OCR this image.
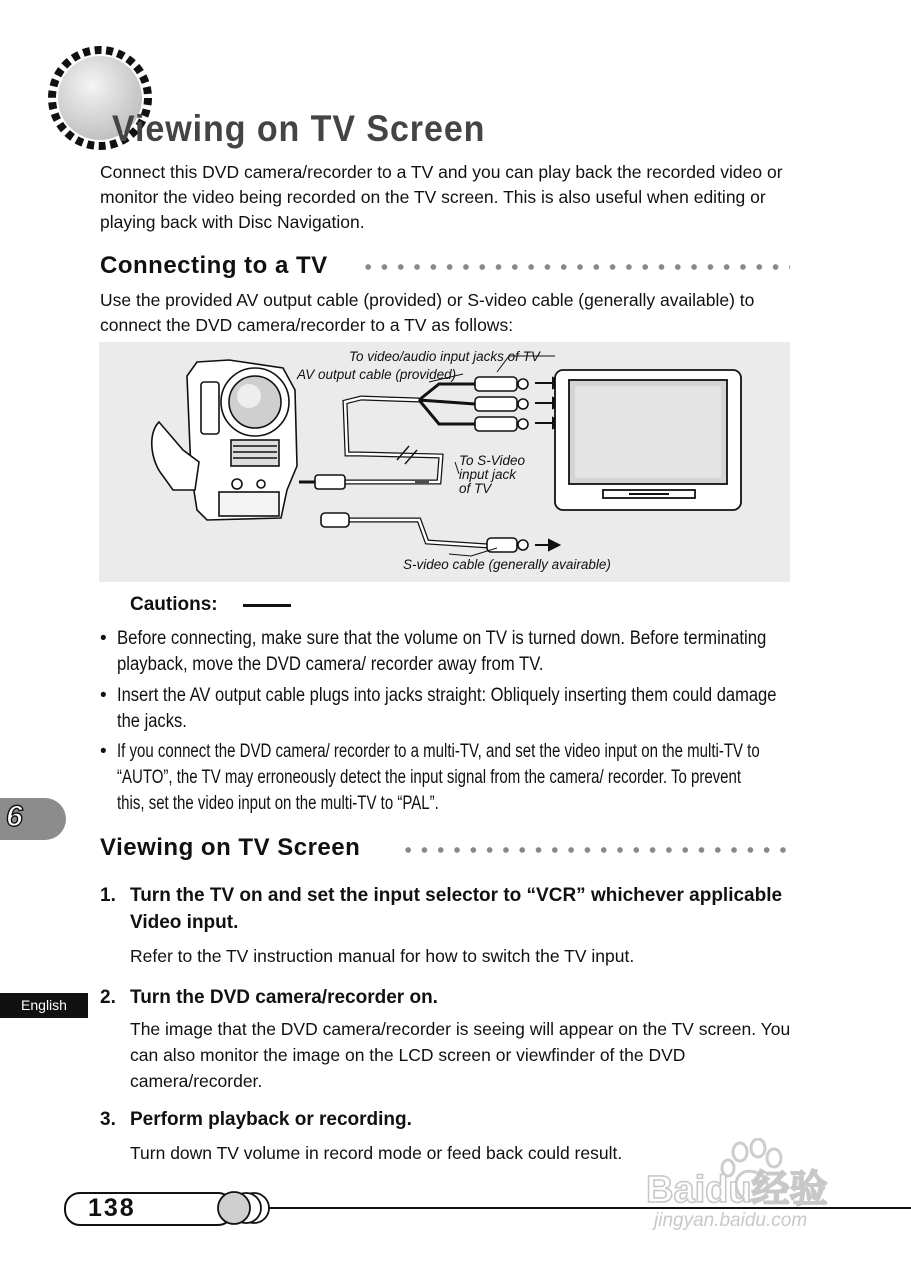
Viewing on TV Screen
Connect this DVD camera/recorder to a TV and you can play back the recorded video or monitor the video being recorded on the TV screen. This is also useful when editing or playing back with Disc Navigation.
Connecting to a TV
Use the provided AV output cable (provided) or S-video cable (generally available) to connect the DVD camera/recorder to a TV as follows:
To video/audio input jacks of TV
AV output cable (provided)
To S-Video
input jack
of TV
S-video cable (generally avairable)
Cautions:
• Before connecting, make sure that the volume on TV is turned down. Before terminating playback, move the DVD camera/ recorder away from TV.
• Insert the AV output cable plugs into jacks straight: Obliquely inserting them could damage the jacks.
• If you connect the DVD camera/ recorder to a multi-TV, and set the video input on the multi-TV to “AUTO”, the TV may erroneously detect the input signal from the camera/ recorder. To prevent this, set the video input on the multi-TV to “PAL”.
6
Viewing on TV Screen
1. Turn the TV on and set the input selector to “VCR” whichever applicable Video input.
Refer to the TV instruction manual for how to switch the TV input.
2. Turn the DVD camera/recorder on.
The image that the DVD camera/recorder is seeing will appear on the TV screen. You can also monitor the image on the LCD screen or viewfinder of the DVD camera/recorder.
3. Perform playback or recording.
Turn down TV volume in record mode or feed back could result.
English
138	Baidu经验
jingyan.baidu.com
